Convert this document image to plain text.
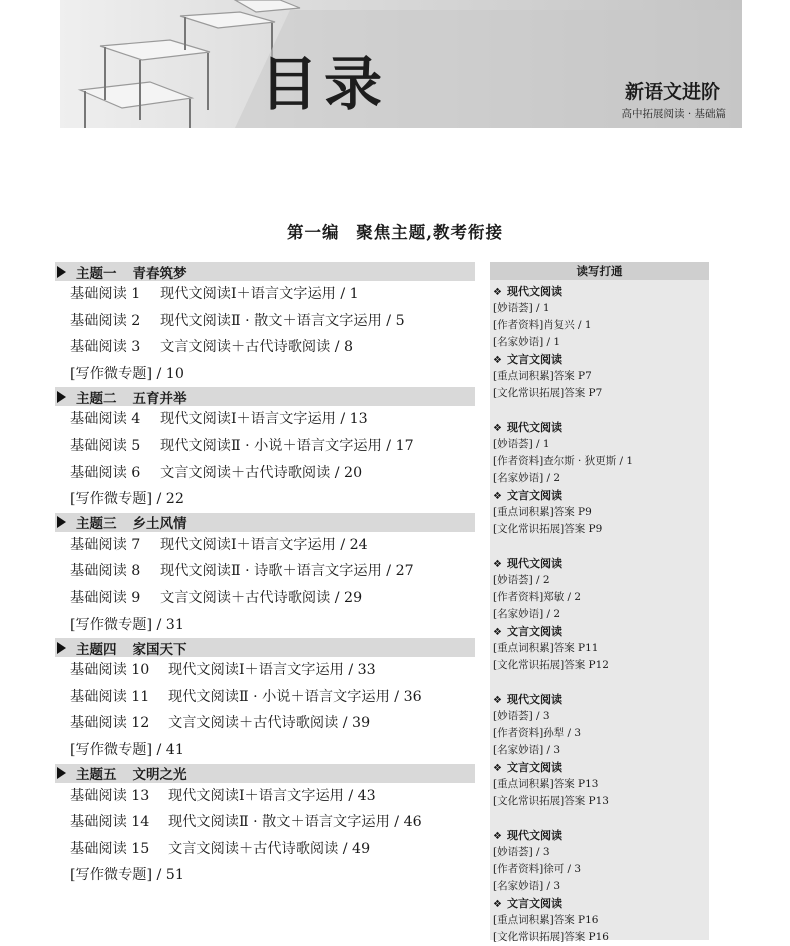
目录	新语文进阶
高中拓展阅读 · 基础篇
第一编 聚焦主题,教考衔接
主题一 青春筑梦
基础阅读 1 现代文阅读Ⅰ＋语言文字运用 / 1
基础阅读 2 现代文阅读Ⅱ · 散文＋语言文字运用 / 5
基础阅读 3 文言文阅读＋古代诗歌阅读 / 8
[写作微专题] / 10
主题二 五育并举
基础阅读 4 现代文阅读Ⅰ＋语言文字运用 / 13
基础阅读 5 现代文阅读Ⅱ · 小说＋语言文字运用 / 17
基础阅读 6 文言文阅读＋古代诗歌阅读 / 20
[写作微专题] / 22
主题三 乡土风情
基础阅读 7 现代文阅读Ⅰ＋语言文字运用 / 24
基础阅读 8 现代文阅读Ⅱ · 诗歌＋语言文字运用 / 27
基础阅读 9 文言文阅读＋古代诗歌阅读 / 29
[写作微专题] / 31
主题四 家国天下
基础阅读 10 现代文阅读Ⅰ＋语言文字运用 / 33
基础阅读 11 现代文阅读Ⅱ · 小说＋语言文字运用 / 36
基础阅读 12 文言文阅读＋古代诗歌阅读 / 39
[写作微专题] / 41
主题五 文明之光
基础阅读 13 现代文阅读Ⅰ＋语言文字运用 / 43
基础阅读 14 现代文阅读Ⅱ · 散文＋语言文字运用 / 46
基础阅读 15 文言文阅读＋古代诗歌阅读 / 49
[写作微专题] / 51
读写打通
❖ 现代文阅读
[妙语荟] / 1
[作者资料]肖复兴 / 1
[名家妙语] / 1
❖ 文言文阅读
[重点词积累]答案 P7
[文化常识拓展]答案 P7
❖ 现代文阅读
[妙语荟] / 1
[作者资料]查尔斯 · 狄更斯 / 1
[名家妙语] / 2
❖ 文言文阅读
[重点词积累]答案 P9
[文化常识拓展]答案 P9
❖ 现代文阅读
[妙语荟] / 2
[作者资料]郑敏 / 2
[名家妙语] / 2
❖ 文言文阅读
[重点词积累]答案 P11
[文化常识拓展]答案 P12
❖ 现代文阅读
[妙语荟] / 3
[作者资料]孙犁 / 3
[名家妙语] / 3
❖ 文言文阅读
[重点词积累]答案 P13
[文化常识拓展]答案 P13
❖ 现代文阅读
[妙语荟] / 3
[作者资料]徐可 / 3
[名家妙语] / 3
❖ 文言文阅读
[重点词积累]答案 P16
[文化常识拓展]答案 P16
